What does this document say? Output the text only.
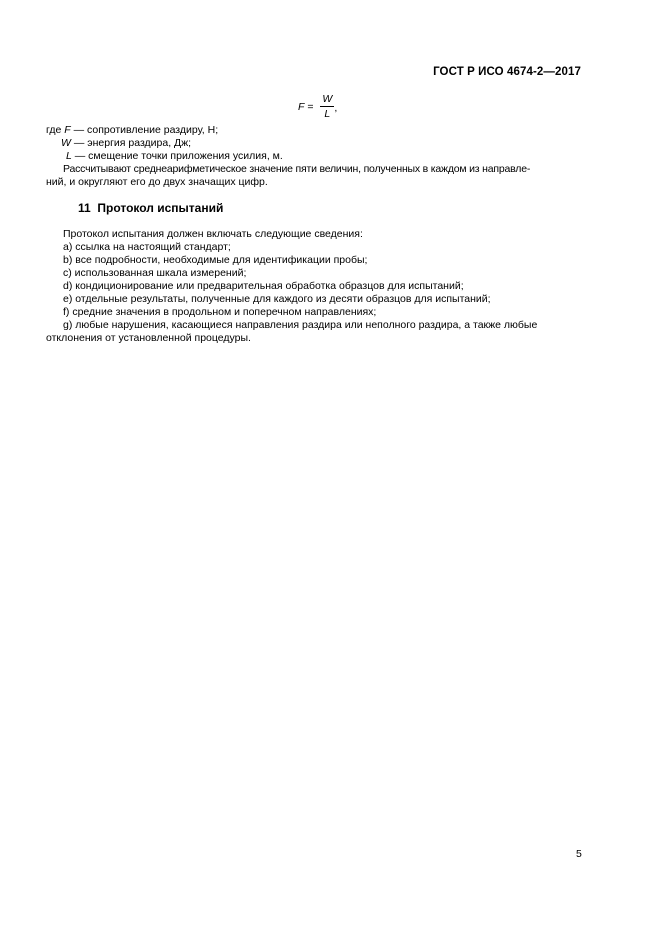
ГОСТ Р ИСО 4674-2—2017
$F = \frac{W}{L}$ ,
где F — сопротивление раздиру, Н;
W — энергия раздира, Дж;
L — смещение точки приложения усилия, м.
Рассчитывают среднеарифметическое значение пяти величин, полученных в каждом из направле-
ний, и округляют его до двух значащих цифр.
11 Протокол испытаний
Протокол испытания должен включать следующие сведения:
a) ссылка на настоящий стандарт;
b) все подробности, необходимые для идентификации пробы;
c) использованная шкала измерений;
d) кондиционирование или предварительная обработка образцов для испытаний;
e) отдельные результаты, полученные для каждого из десяти образцов для испытаний;
f) средние значения в продольном и поперечном направлениях;
g) любые нарушения, касающиеся направления раздира или неполного раздира, а также любые
отклонения от установленной процедуры.
5
